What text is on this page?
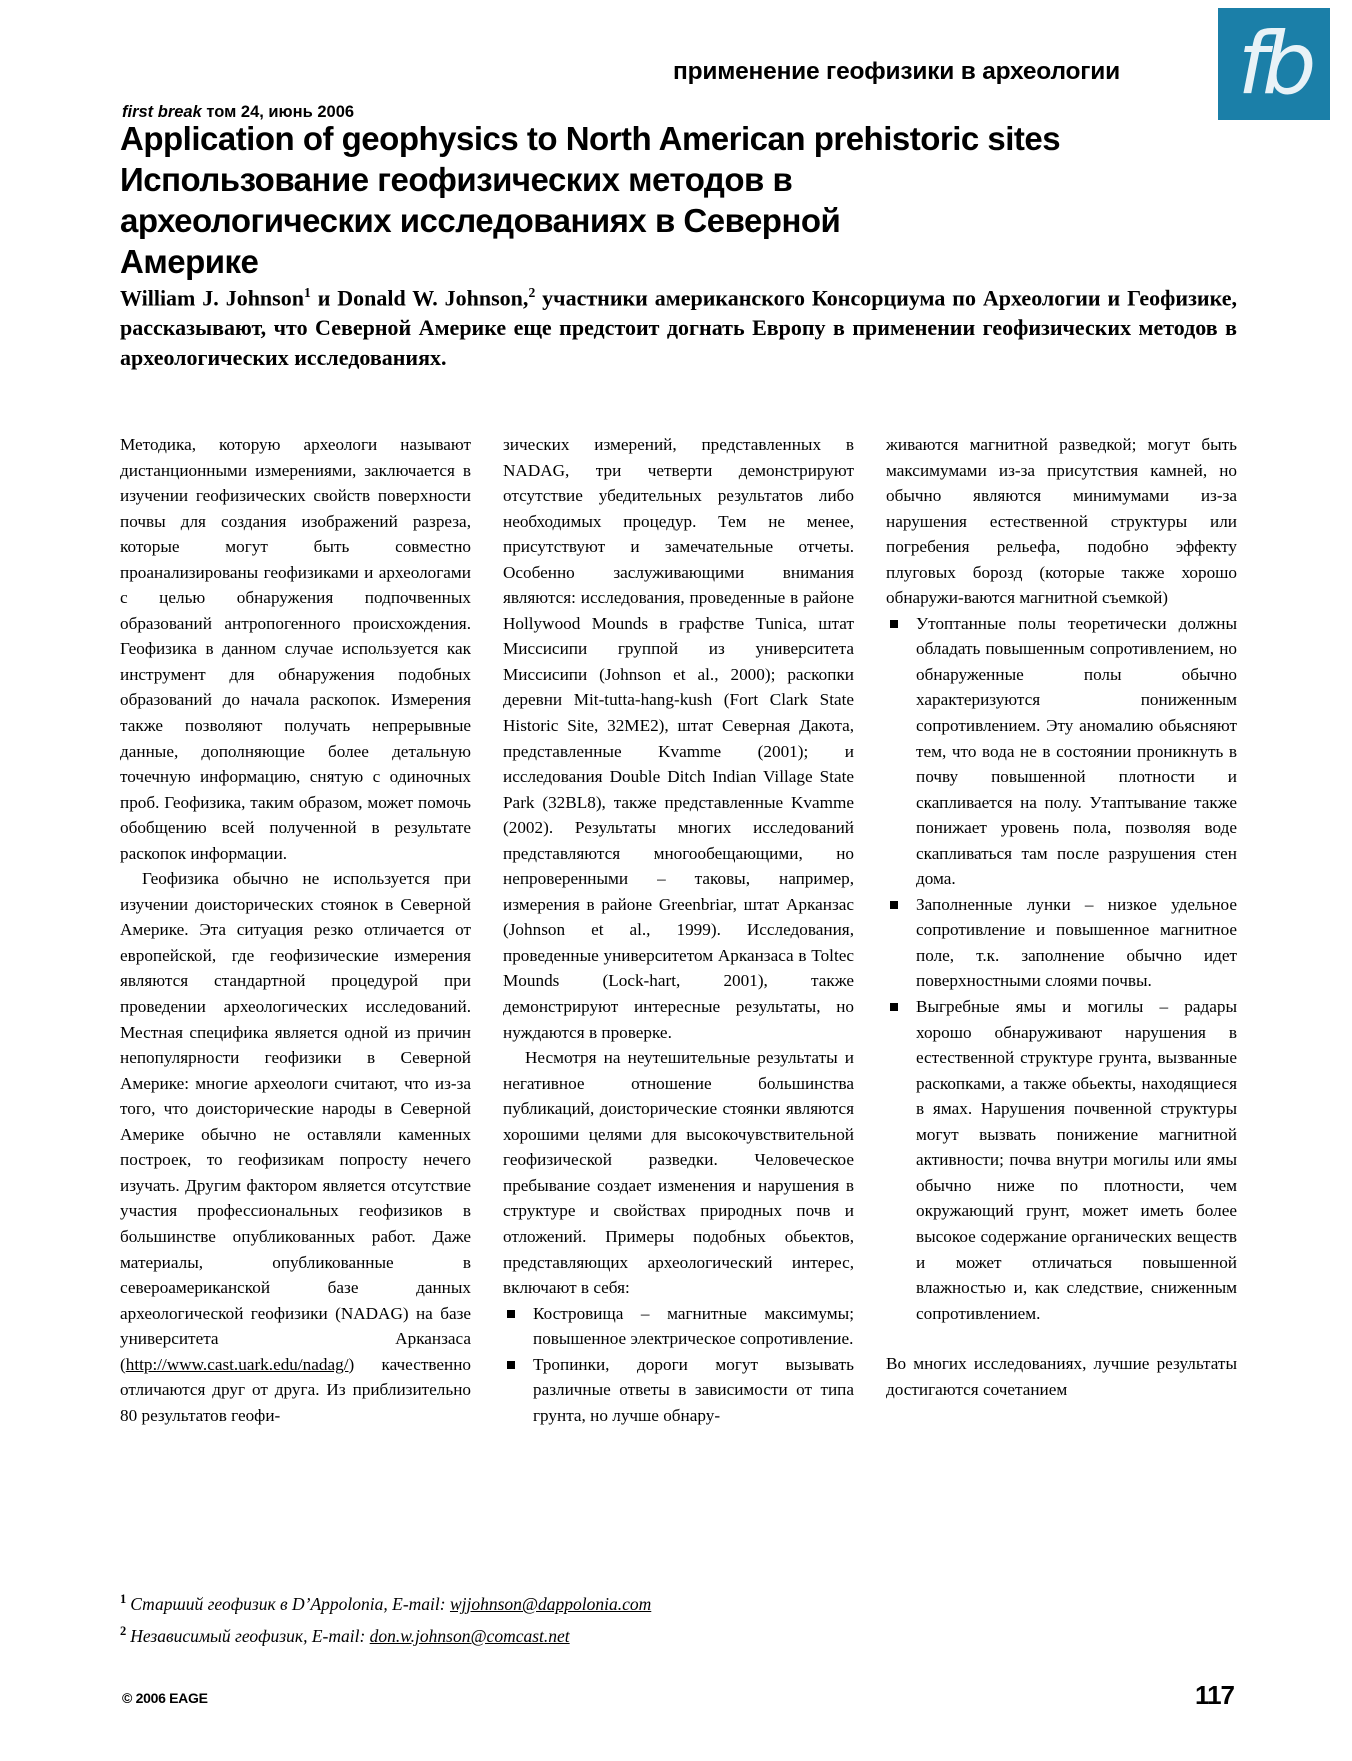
применение геофизики в археологии fb
first break том 24, июнь 2006
Application of geophysics to North American prehistoric sites
Использование геофизических методов в
археологических исследованиях в Северной
Америке
William J. Johnson$^1$ и Donald W. Johnson,$^2$ участники американского Консорциума по Археологии и Геофизике, рассказывают, что Северной Америке еще предстоит догнать Европу в применении геофизических методов в археологических исследованиях.

Методика, которую археологи называют дистанционными измерениями, заключается в изучении геофизических свойств поверхности почвы для создания изображений разреза, которые могут быть совместно проанализированы геофизиками и археологами с целью обнаружения подпочвенных образований антропогенного происхождения. Геофизика в данном случае используется как инструмент для обнаружения подобных образований до начала раскопок. Измерения также позволяют получать непрерывные данные, дополняющие более детальную точечную информацию, снятую с одиночных проб. Геофизика, таким образом, может помочь обобщению всей полученной в результате раскопок информации.

Геофизика обычно не используется при изучении доисторических стоянок в Северной Америке. Эта ситуация резко отличается от европейской, где геофизические измерения являются стандартной процедурой при проведении археологических исследований. Местная специфика является одной из причин непопулярности геофизики в Северной Америке: многие археологи считают, что из-за того, что доисторические народы в Северной Америке обычно не оставляли каменных построек, то геофизикам попросту нечего изучать. Другим фактором является отсутствие участия профессиональных геофизиков в большинстве опубликованных работ. Даже материалы, опубликованные в североамериканской базе данных археологической геофизики (NADAG) на базе университета Арканзаса (http://www.cast.uark.edu/nadag/) качественно отличаются друг от друга. Из приблизительно 80 результатов геофи-

зических измерений, представленных в NADAG, три четверти демонстрируют отсутствие убедительных результатов либо необходимых процедур. Тем не менее, присутствуют и замечательные отчеты. Особенно заслуживающими внимания являются: исследования, проведенные в районе Hollywood Mounds в графстве Tunica, штат Миссисипи группой из университета Миссисипи (Johnson et al., 2000); раскопки деревни Mit-tutta-hang-kush (Fort Clark State Historic Site, 32ME2), штат Северная Дакота, представленные Kvamme (2001); и исследования Double Ditch Indian Village State Park (32BL8), также представленные Kvamme (2002). Результаты многих исследований представляются многообещающими, но непроверенными – таковы, например, измерения в районе Greenbriar, штат Арканзас (Johnson et al., 1999). Исследования, проведенные университетом Арканзаса в Toltec Mounds (Lock-hart, 2001), также демонстрируют интересные результаты, но нуждаются в проверке.

Несмотря на неутешительные результаты и негативное отношение большинства публикаций, доисторические стоянки являются хорошими целями для высокочувствительной геофизической разведки. Человеческое пребывание создает изменения и нарушения в структуре и свойствах природных почв и отложений. Примеры подобных обьектов, представляющих археологический интерес, включают в себя:

Костровища – магнитные максимумы; повышенное электрическое сопротивление.
Тропинки, дороги могут вызывать различные ответы в зависимости от типа грунта, но лучше обнару-

живаются магнитной разведкой; могут быть максимумами из-за присутствия камней, но обычно являются минимумами из-за нарушения естественной структуры или погребения рельефа, подобно эффекту плуговых борозд (которые также хорошо обнаружи-ваются магнитной съемкой)

Утоптанные полы теоретически должны обладать повышенным сопротивлением, но обнаруженные полы обычно характеризуются пониженным сопротивлением. Эту аномалию обьясняют тем, что вода не в состоянии проникнуть в почву повышенной плотности и скапливается на полу. Утаптывание также понижает уровень пола, позволяя воде скапливаться там после разрушения стен дома.
Заполненные лунки – низкое удельное сопротивление и повышенное магнитное поле, т.к. заполнение обычно идет поверхностными слоями почвы.
Выгребные ямы и могилы – радары хорошо обнаруживают нарушения в естественной структуре грунта, вызванные раскопками, а также обьекты, находящиеся в ямах. Нарушения почвенной структуры могут вызвать понижение магнитной активности; почва внутри могилы или ямы обычно ниже по плотности, чем окружающий грунт, может иметь более высокое содержание органических веществ и может отличаться повышенной влажностью и, как следствие, сниженным сопротивлением.

Во многих исследованиях, лучшие результаты достигаются сочетанием

$^1$ Старший геофизик в D’Appolonia, E-mail: wjjohnson@dappolonia.com
$^2$ Независимый геофизик, E-mail: don.w.johnson@comcast.net
© 2006 EAGE	117
